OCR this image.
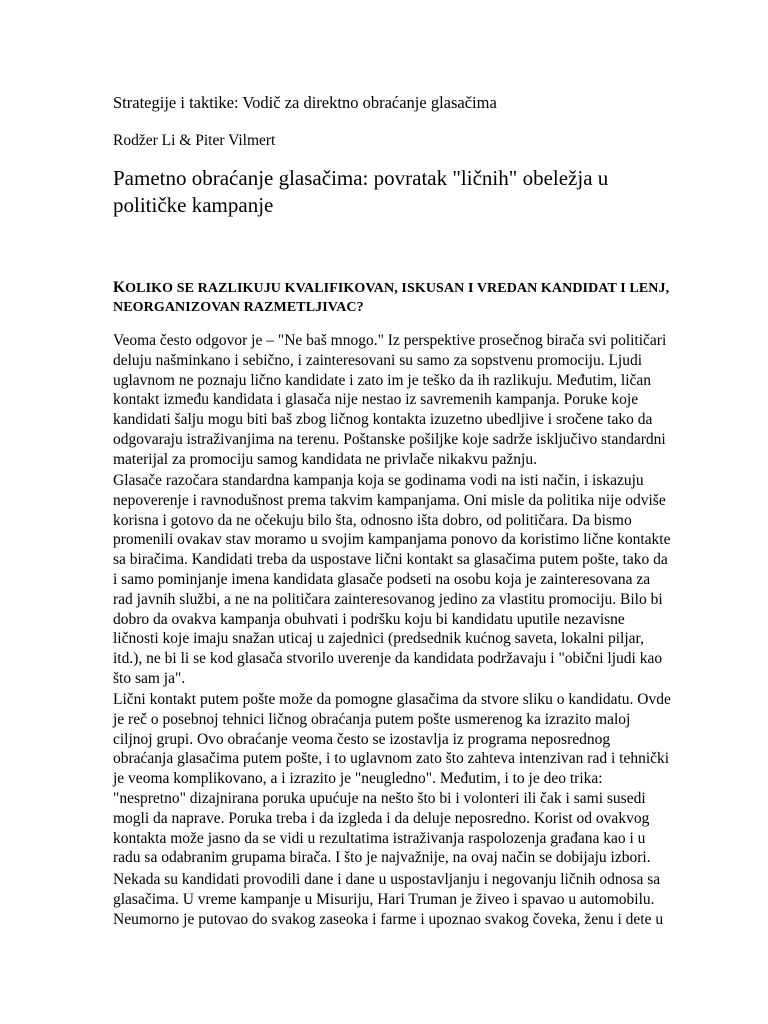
Strategije i taktike: Vodič za direktno obraćanje glasačima

Rodžer Li & Piter Vilmert

Pametno obraćanje glasačima: povratak "ličnih" obeležja u političke kampanje
KOLIKO SE RAZLIKUJU KVALIFIKOVAN, ISKUSAN I VREDAN KANDIDAT I LENJ,
NEORGANIZOVAN RAZMETLJIVAC?

Veoma često odgovor je – "Ne baš mnogo." Iz perspektive prosečnog birača svi političari
deluju našminkano i sebično, i zainteresovani su samo za sopstvenu promociju. Ljudi
uglavnom ne poznaju lično kandidate i zato im je teško da ih razlikuju. Međutim, ličan
kontakt između kandidata i glasača nije nestao iz savremenih kampanja. Poruke koje
kandidati šalju mogu biti baš zbog ličnog kontakta izuzetno ubedljive i sročene tako da
odgovaraju istraživanjima na terenu. Poštanske pošiljke koje sadrže isključivo standardni
materijal za promociju samog kandidata ne privlače nikakvu pažnju.

Glasače razočara standardna kampanja koja se godinama vodi na isti način, i iskazuju
nepoverenje i ravnodušnost prema takvim kampanjama. Oni misle da politika nije odviše
korisna i gotovo da ne očekuju bilo šta, odnosno išta dobro, od političara. Da bismo
promenili ovakav stav moramo u svojim kampanjama ponovo da koristimo lične kontakte
sa biračima. Kandidati treba da uspostave lični kontakt sa glasačima putem pošte, tako da
i samo pominjanje imena kandidata glasače podseti na osobu koja je zainteresovana za
rad javnih službi, a ne na političara zainteresovanog jedino za vlastitu promociju. Bilo bi
dobro da ovakva kampanja obuhvati i podršku koju bi kandidatu uputile nezavisne
ličnosti koje imaju snažan uticaj u zajednici (predsednik kućnog saveta, lokalni piljar,
itd.), ne bi li se kod glasača stvorilo uverenje da kandidata podržavaju i "obični ljudi kao
što sam ja".

Lični kontakt putem pošte može da pomogne glasačima da stvore sliku o kandidatu. Ovde
je reč o posebnoj tehnici ličnog obraćanja putem pošte usmerenog ka izrazito maloj
ciljnoj grupi. Ovo obraćanje veoma često se izostavlja iz programa neposrednog
obraćanja glasačima putem pošte, i to uglavnom zato što zahteva intenzivan rad i tehnički
je veoma komplikovano, a i izrazito je "neugledno". Međutim, i to je deo trika:
"nespretno" dizajnirana poruka upućuje na nešto što bi i volonteri ili čak i sami susedi
mogli da naprave. Poruka treba i da izgleda i da deluje neposredno. Korist od ovakvog
kontakta može jasno da se vidi u rezultatima istraživanja raspolozenja građana kao i u
radu sa odabranim grupama birača. I što je najvažnije, na ovaj način se dobijaju izbori.

Nekada su kandidati provodili dane i dane u uspostavljanju i negovanju ličnih odnosa sa
glasačima. U vreme kampanje u Misuriju, Hari Truman je živeo i spavao u automobilu.
Neumorno je putovao do svakog zaseoka i farme i upoznao svakog čoveka, ženu i dete u
